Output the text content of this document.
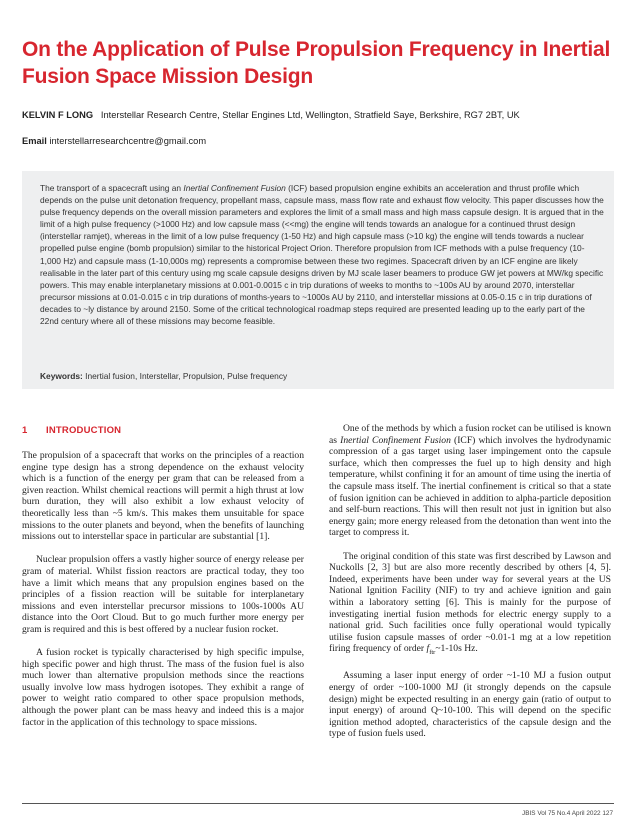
On the Application of Pulse Propulsion Frequency in Inertial Fusion Space Mission Design
KELVIN F LONG Interstellar Research Centre, Stellar Engines Ltd, Wellington, Stratfield Saye, Berkshire, RG7 2BT, UK
Email interstellarresearchcentre@gmail.com

The transport of a spacecraft using an Inertial Confinement Fusion (ICF) based propulsion engine exhibits an acceleration and thrust profile which depends on the pulse unit detonation frequency, propellant mass, capsule mass, mass flow rate and exhaust flow velocity. This paper discusses how the pulse frequency depends on the overall mission parameters and explores the limit of a small mass and high mass capsule design. It is argued that in the limit of a high pulse frequency (>1000 Hz) and low capsule mass (<<mg) the engine will tends towards an analogue for a continued thrust design (interstellar ramjet), whereas in the limit of a low pulse frequency (1-50 Hz) and high capsule mass (>10 kg) the engine will tends towards a nuclear propelled pulse engine (bomb propulsion) similar to the historical Project Orion. Therefore propulsion from ICF methods with a pulse frequency (10-1,000 Hz) and capsule mass (1-10,000s mg) represents a compromise between these two regimes. Spacecraft driven by an ICF engine are likely realisable in the later part of this century using mg scale capsule designs driven by MJ scale laser beamers to produce GW jet powers at MW/kg specific powers. This may enable interplanetary missions at 0.001-0.0015 c in trip durations of weeks to months to ~100s AU by around 2070, interstellar precursor missions at 0.01-0.015 c in trip durations of months-years to ~1000s AU by 2110, and interstellar missions at 0.05-0.15 c in trip durations of decades to ~ly distance by around 2150. Some of the critical technological roadmap steps required are presented leading up to the early part of the 22nd century where all of these missions may become feasible.

Keywords: Inertial fusion, Interstellar, Propulsion, Pulse frequency
1 INTRODUCTION

The propulsion of a spacecraft that works on the principles of a reaction engine type design has a strong dependence on the exhaust velocity which is a function of the energy per gram that can be released from a given reaction. Whilst chemical reactions will permit a high thrust at low burn duration, they will also exhibit a low exhaust velocity of theoretically less than ~5 km/s. This makes them unsuitable for space missions to the outer planets and beyond, when the benefits of launching missions out to interstellar space in particular are substantial [1].

Nuclear propulsion offers a vastly higher source of energy release per gram of material. Whilst fission reactors are practical today, they too have a limit which means that any propulsion engines based on the principles of a fission reaction will be suitable for interplanetary missions and even interstellar precursor missions to 100s-1000s AU distance into the Oort Cloud. But to go much further more energy per gram is required and this is best offered by a nuclear fusion rocket.

A fusion rocket is typically characterised by high specific impulse, high specific power and high thrust. The mass of the fusion fuel is also much lower than alternative propulsion methods since the reactions usually involve low mass hydrogen isotopes. They exhibit a range of power to weight ratio compared to other space propulsion methods, although the power plant can be mass heavy and indeed this is a major factor in the application of this technology to space missions.

One of the methods by which a fusion rocket can be utilised is known as Inertial Confinement Fusion (ICF) which involves the hydrodynamic compression of a gas target using laser impingement onto the capsule surface, which then compresses the fuel up to high density and high temperature, whilst confining it for an amount of time using the inertia of the capsule mass itself. The inertial confinement is critical so that a state of fusion ignition can be achieved in addition to alpha-particle deposition and self-burn reactions. This will then result not just in ignition but also energy gain; more energy released from the detonation than went into the target to compress it.

The original condition of this state was first described by Lawson and Nuckolls [2, 3] but are also more recently described by others [4, 5]. Indeed, experiments have been under way for several years at the US National Ignition Facility (NIF) to try and achieve ignition and gain within a laboratory setting [6]. This is mainly for the purpose of investigating inertial fusion methods for electric energy supply to a national grid. Such facilities once fully operational would typically utilise fusion capsule masses of order ~0.01-1 mg at a low repetition firing frequency of order $f_{ftr}\sim 1-10s$ Hz.

Assuming a laser input energy of order ~1-10 MJ a fusion output energy of order ~100-1000 MJ (it strongly depends on the capsule design) might be expected resulting in an energy gain (ratio of output to input energy) of around Q~10-100. This will depend on the specific ignition method adopted, characteristics of the capsule design and the type of fusion fuels used.

JBIS Vol 75 No.4 April 2022 127
